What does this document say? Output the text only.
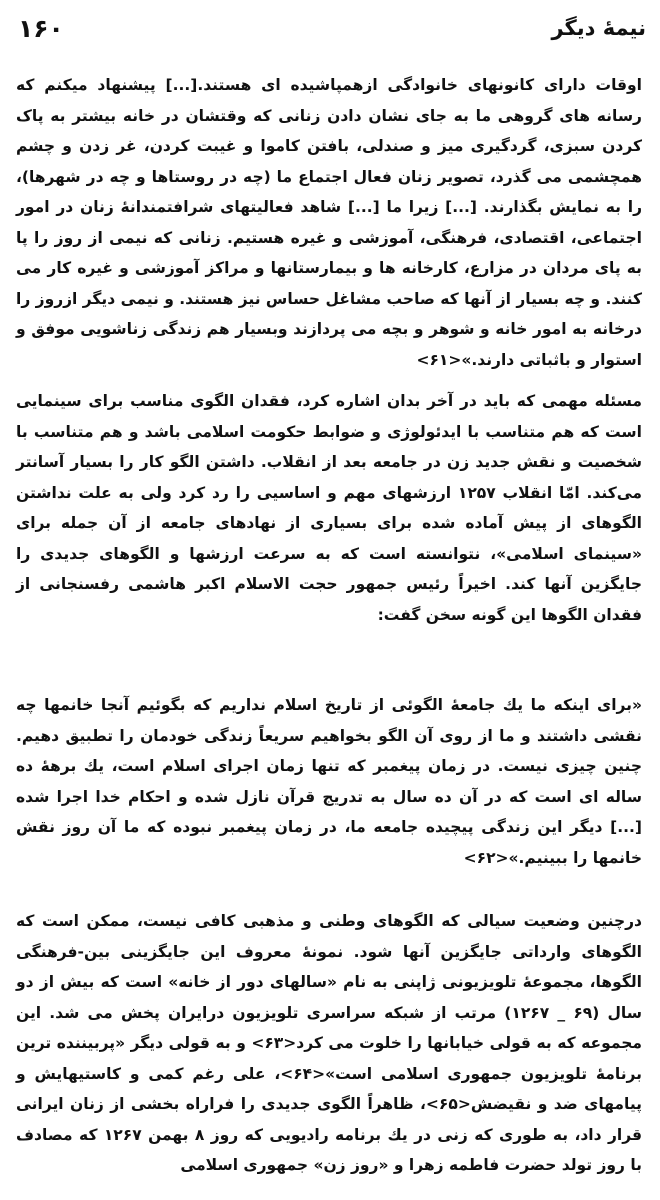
۱۶۰	نیمهٔ دیگر

اوقات دارای کانونهای خانوادگی ازهمپاشیده ای هستند.[...] پیشنهاد میکنم که رسانه های گروهی ما به جای نشان دادن زنانی که وقتشان در خانه بیشتر به پاک کردن سبزی، گردگیری میز و صندلی، بافتن کاموا و غیبت کردن، غر زدن و چشم همچشمی می گذرد، تصویر زنان فعال اجتماع ما (چه در روستاها و چه در شهرها)، را به نمایش بگذارند. [...] زیرا ما [...] شاهد فعالیتهای شرافتمندانهٔ زنان در امور اجتماعی، اقتصادی، فرهنگی، آموزشی و غیره هستیم. زنانی که نیمی از روز را پا به پای مردان در مزارع، کارخانه ها و بیمارستانها و مراکز آموزشی و غیره کار می کنند. و چه بسیار از آنها که صاحب مشاغل حساس نیز هستند. و نیمی دیگر ازروز را درخانه به امور خانه و شوهر و بچه می پردازند وبسیار هم زندگی زناشویی موفق و استوار و باثباتی دارند.»<۶۱>

مسئله مهمی که باید در آخر بدان اشاره کرد، فقدان الگوی مناسب برای سینمایی است که هم متناسب با ایدئولوژی و ضوابط حکومت اسلامی باشد و هم متناسب با شخصیت و نقش جدید زن در جامعه بعد از انقلاب. داشتن الگو کار را بسیار آسانتر می‌کند. امّا انقلاب ۱۲۵۷ ارزشهای مهم و اساسیی را رد کرد ولی به علت نداشتن الگوهای از پیش آماده شده برای بسیاری از نهادهای جامعه از آن جمله برای «سینمای اسلامی»، نتوانسته است که به سرعت ارزشها و الگوهای جدیدی را جایگزین آنها کند. اخیراً رئیس جمهور حجت الاسلام اکبر هاشمی رفسنجانی از فقدان الگوها این گونه سخن گفت:

«برای اینکه ما یك جامعهٔ الگوئی از تاریخ اسلام نداریم که بگوئیم آنجا خانمها چه نقشی داشتند و ما از روی آن الگو بخواهیم سریعاً زندگی خودمان را تطبیق دهیم. چنین چیزی نیست. در زمان پیغمبر که تنها زمان اجرای اسلام است، یك برههٔ ده ساله ای است که در آن ده سال به تدریج قرآن نازل شده و احکام خدا اجرا شده [...] دیگر این زندگی پیچیده جامعه ما، در زمان پیغمبر نبوده که ما آن روز نقش خانمها را ببینیم.»<۶۲>

درچنین وضعیت سیالی که الگوهای وطنی و مذهبی کافی نیست، ممکن است که الگوهای وارداتی جایگزین آنها شود. نمونهٔ معروف این جایگزینی بین-فرهنگی الگوها، مجموعهٔ تلویزیونی ژاپنی به نام «سالهای دور از خانه» است که بیش از دو سال (۶۹ _ ۱۲۶۷) مرتب از شبکه سراسری تلویزیون درایران پخش می شد. این مجموعه که به قولی خیابانها را خلوت می کرد<۶۳> و به قولی دیگر «پربیننده ترین برنامهٔ تلویزیون جمهوری اسلامی است»<۶۴>، علی رغم کمی و کاستیهایش و پیامهای ضد و نقیضش<۶۵>، ظاهراً الگوی جدیدی را فراراه بخشی از زنان ایرانی قرار داد، به طوری که زنی در یك برنامه رادیویی که روز ۸ بهمن ۱۲۶۷ که مصادف با روز تولد حضرت فاطمه زهرا و «روز زن» جمهوری اسلامی
